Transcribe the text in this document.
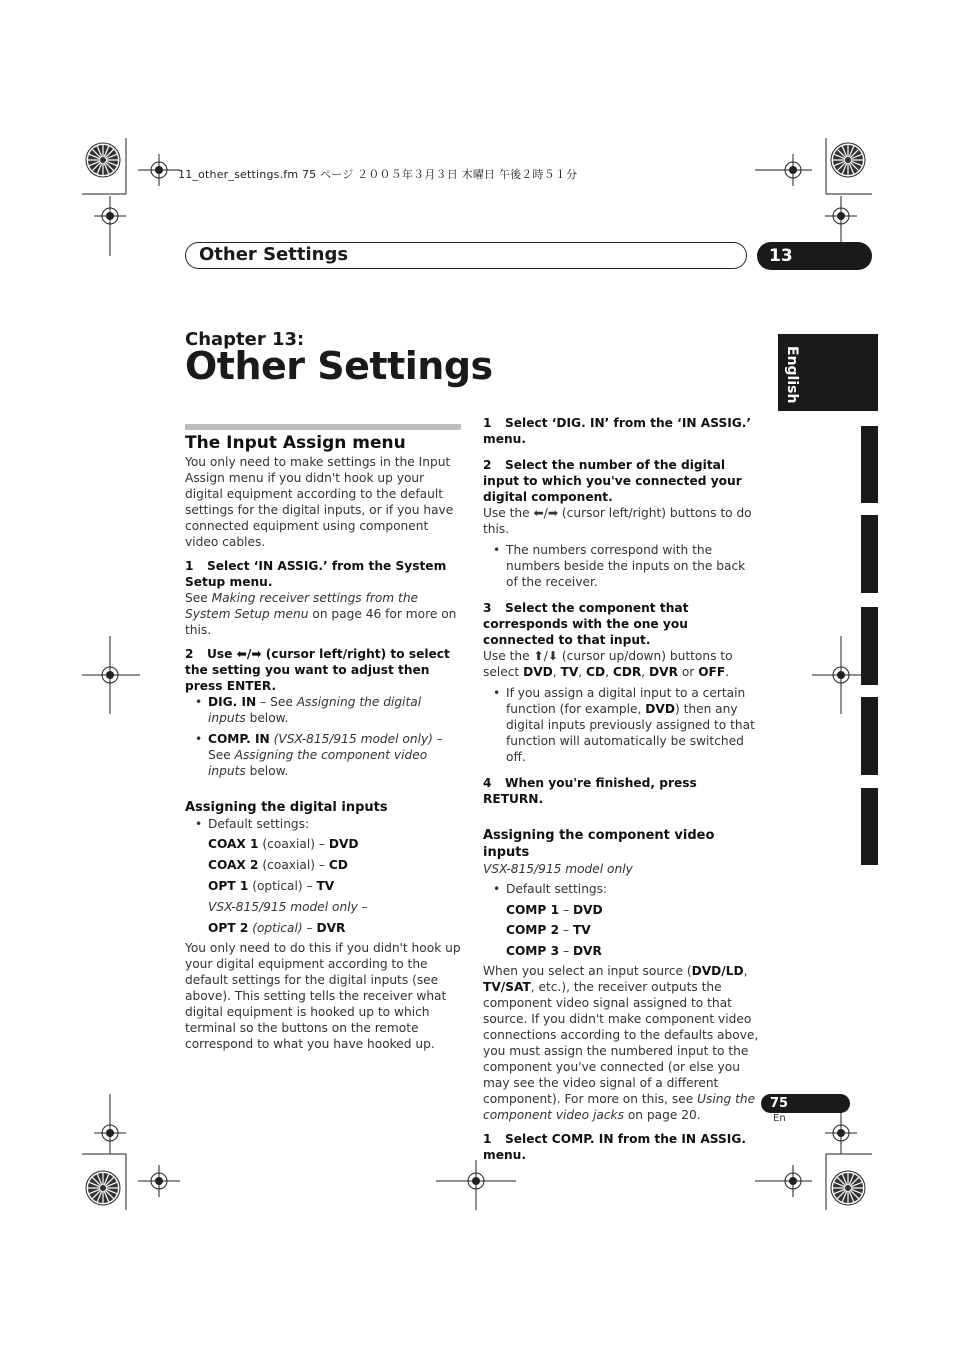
11_other_settings.fm 75 ページ ２００５年３月３日 木曜日 午後２時５１分
Other Settings	13
English
Chapter 13:
Other Settings
The Input Assign menu

You only need to make settings in the Input Assign menu if you didn't hook up your digital equipment according to the default settings for the digital inputs, or if you have connected equipment using component video cables.

1 Select ‘IN ASSIG.’ from the System Setup menu.

See Making receiver settings from the System Setup menu on page 46 for more on this.

2 Use ⬅/➡ (cursor left/right) to select the setting you want to adjust then press ENTER.
• DIG. IN – See Assigning the digital inputs below.
• COMP. IN (VSX-815/915 model only) – See Assigning the component video inputs below.
Assigning the digital inputs
• Default settings:
COAX 1 (coaxial) – DVD
COAX 2 (coaxial) – CD
OPT 1 (optical) – TV
VSX-815/915 model only –
OPT 2 (optical) – DVR

You only need to do this if you didn't hook up your digital equipment according to the default settings for the digital inputs (see above). This setting tells the receiver what digital equipment is hooked up to which terminal so the buttons on the remote correspond to what you have hooked up.

1 Select ‘DIG. IN’ from the ‘IN ASSIG.’ menu.
2 Select the number of the digital input to which you've connected your digital component.

Use the ⬅/➡ (cursor left/right) buttons to do this.

• The numbers correspond with the numbers beside the inputs on the back of the receiver.
3 Select the component that corresponds with the one you connected to that input.

Use the ⬆/⬇ (cursor up/down) buttons to select DVD, TV, CD, CDR, DVR or OFF.

• If you assign a digital input to a certain function (for example, DVD) then any digital inputs previously assigned to that function will automatically be switched off.
4 When you're finished, press RETURN.
Assigning the component video inputs

VSX-815/915 model only

• Default settings:
COMP 1 – DVD
COMP 2 – TV
COMP 3 – DVR

When you select an input source (DVD/LD, TV/SAT, etc.), the receiver outputs the component video signal assigned to that source. If you didn't make component video connections according to the defaults above, you must assign the numbered input to the component you've connected (or else you may see the video signal of a different component). For more on this, see Using the component video jacks on page 20.

1 Select COMP. IN from the IN ASSIG. menu.
75
En
